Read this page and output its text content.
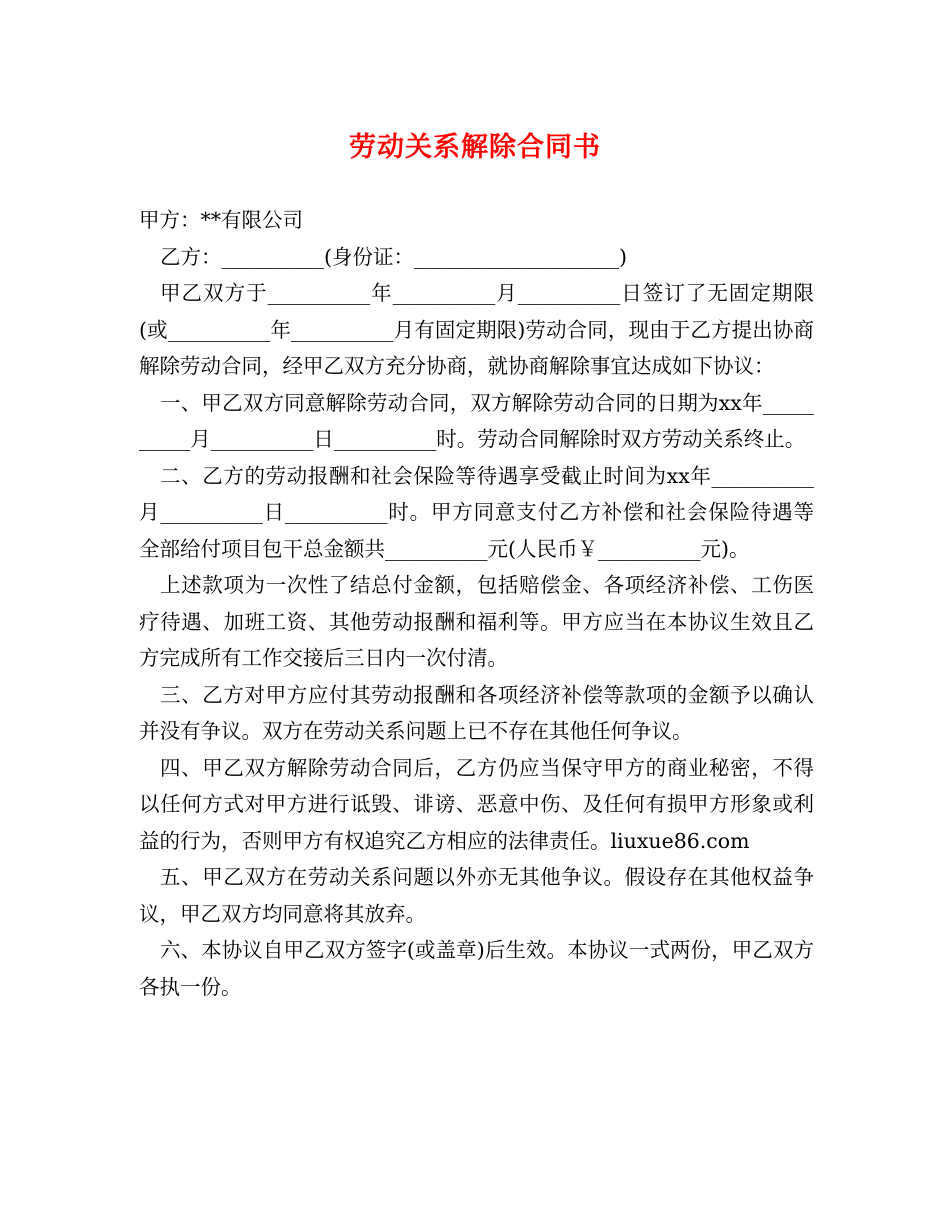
劳动关系解除合同书

甲方：**有限公司

乙方：__________(身份证：____________________)

甲乙双方于__________年__________月__________日签订了无固定期限(或__________年__________月有固定期限)劳动合同，现由于乙方提出协商解除劳动合同，经甲乙双方充分协商，就协商解除事宜达成如下协议：

一、甲乙双方同意解除劳动合同，双方解除劳动合同的日期为xx年__________月__________日__________时。劳动合同解除时双方劳动关系终止。

二、乙方的劳动报酬和社会保险等待遇享受截止时间为xx年__________月__________日__________时。甲方同意支付乙方补偿和社会保险待遇等全部给付项目包干总金额共__________元(人民币￥__________元)。

上述款项为一次性了结总付金额，包括赔偿金、各项经济补偿、工伤医疗待遇、加班工资、其他劳动报酬和福利等。甲方应当在本协议生效且乙方完成所有工作交接后三日内一次付清。

三、乙方对甲方应付其劳动报酬和各项经济补偿等款项的金额予以确认并没有争议。双方在劳动关系问题上已不存在其他任何争议。

四、甲乙双方解除劳动合同后，乙方仍应当保守甲方的商业秘密，不得以任何方式对甲方进行诋毁、诽谤、恶意中伤、及任何有损甲方形象或利益的行为，否则甲方有权追究乙方相应的法律责任。liuxue86.com

五、甲乙双方在劳动关系问题以外亦无其他争议。假设存在其他权益争议，甲乙双方均同意将其放弃。

六、本协议自甲乙双方签字(或盖章)后生效。本协议一式两份，甲乙双方各执一份。
